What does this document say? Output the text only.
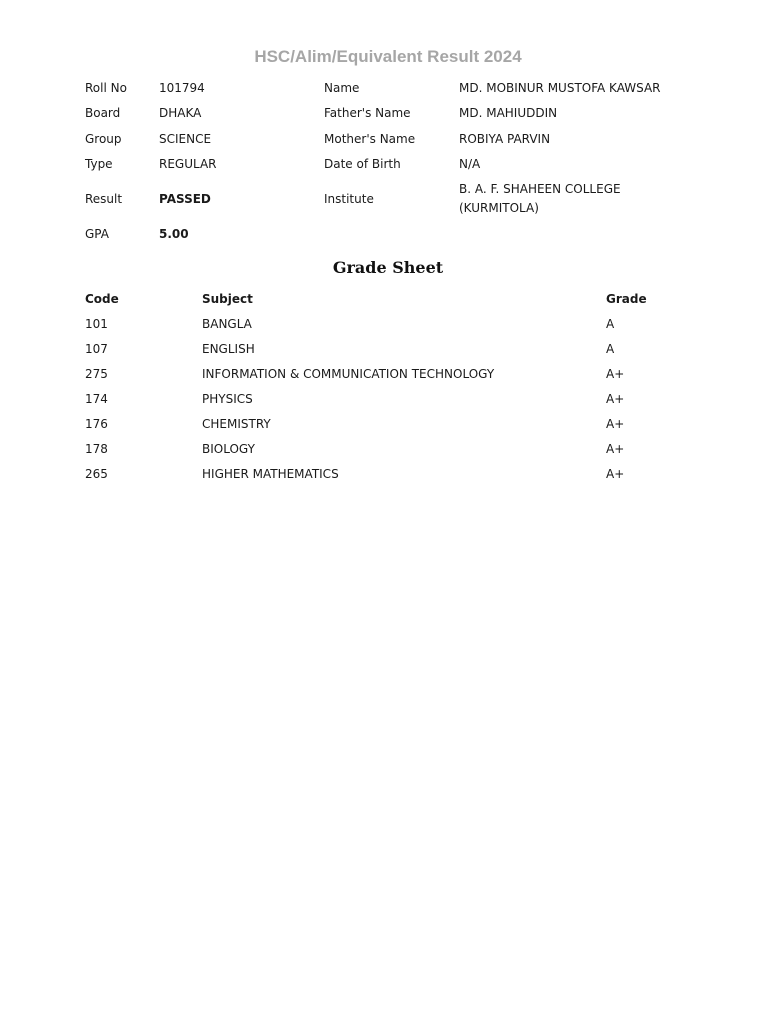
HSC/Alim/Equivalent Result 2024
Roll No	101794	Name	MD. MOBINUR MUSTOFA KAWSAR
Board	DHAKA	Father's Name	MD. MAHIUDDIN
Group	SCIENCE	Mother's Name	ROBIYA PARVIN
Type	REGULAR	Date of Birth	N/A
Result	PASSED	Institute	B. A. F. SHAHEEN COLLEGE (KURMITOLA)
GPA	5.00		
Grade Sheet
Code	Subject	Grade
101	BANGLA	A
107	ENGLISH	A
275	INFORMATION & COMMUNICATION TECHNOLOGY	A+
174	PHYSICS	A+
176	CHEMISTRY	A+
178	BIOLOGY	A+
265	HIGHER MATHEMATICS	A+
